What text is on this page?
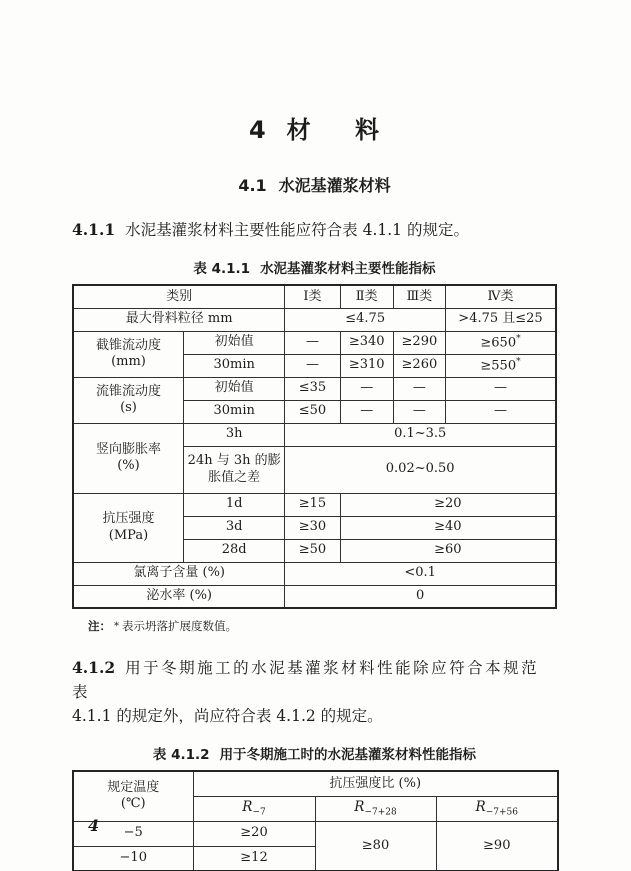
4 材 料
4.1 水泥基灌浆材料

4.1.1 水泥基灌浆材料主要性能应符合表 4.1.1 的规定。

表 4.1.1 水泥基灌浆材料主要性能指标
类别		Ⅰ类	Ⅱ类	Ⅲ类	Ⅳ类
最大骨料粒径 mm		≤4.75			>4.75 且≤25

截锥流动度
(mm)	初始值	—	≥340	≥290	≥650*
	30min	—	≥310	≥260	≥550*

流锥流动度
(s)	初始值	≤35	—	—	—
	30min	≤50	—	—	—

竖向膨胀率
(%)	3h	0.1~3.5			
	24h 与 3h 的膨胀值之差	0.02~0.50			

抗压强度
(MPa)	1d	≥15	≥20		
	3d	≥30	≥40		
	28d	≥50	≥60		
氯离子含量 (%)		<0.1			
泌水率 (%)		0			
注： * 表示坍落扩展度数值。

4.1.2 用于冬期施工的水泥基灌浆材料性能除应符合本规范表
4.1.1 的规定外，尚应符合表 4.1.2 的规定。

表 4.1.2 用于冬期施工时的水泥基灌浆材料性能指标
规定温度
(℃)	抗压强度比 (%)		
	$R_{-7}$	$R_{-7+28}$	$R_{-7+56}$
−5	≥20	≥80	≥90
−10	≥12		
4
